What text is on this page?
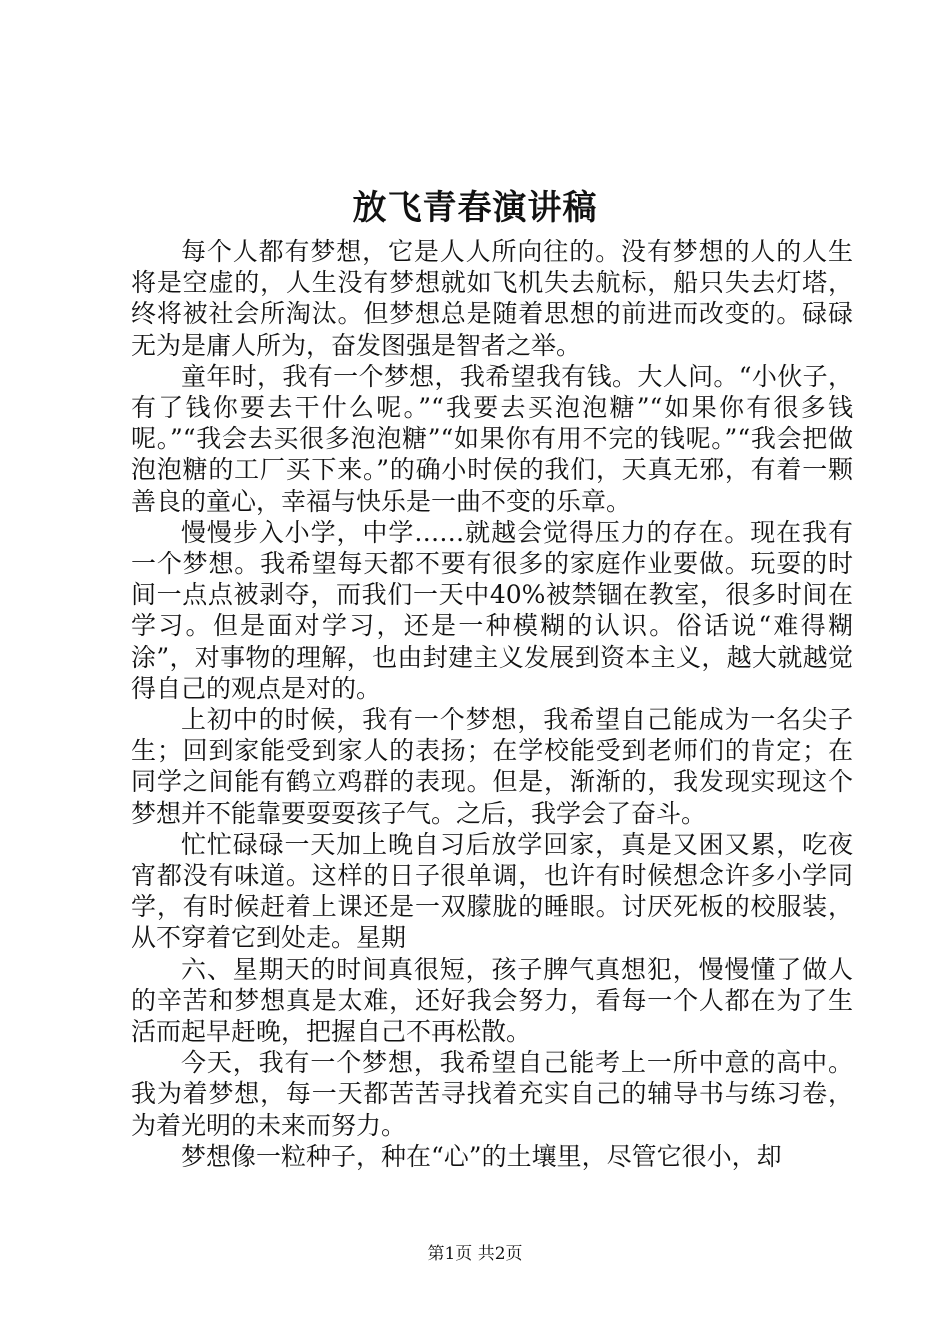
放飞青春演讲稿

每个人都有梦想，它是人人所向往的。没有梦想的人的人生将是空虚的，人生没有梦想就如飞机失去航标，船只失去灯塔，终将被社会所淘汰。但梦想总是随着思想的前进而改变的。碌碌无为是庸人所为，奋发图强是智者之举。

童年时，我有一个梦想，我希望我有钱。大人问。“小伙子，有了钱你要去干什么呢。”“我要去买泡泡糖”“如果你有很多钱呢。”“我会去买很多泡泡糖”“如果你有用不完的钱呢。”“我会把做泡泡糖的工厂买下来。”的确小时侯的我们，天真无邪，有着一颗善良的童心，幸福与快乐是一曲不变的乐章。

慢慢步入小学，中学……就越会觉得压力的存在。现在我有一个梦想。我希望每天都不要有很多的家庭作业要做。玩耍的时间一点点被剥夺，而我们一天中40%被禁锢在教室，很多时间在学习。但是面对学习，还是一种模糊的认识。俗话说“难得糊涂”，对事物的理解，也由封建主义发展到资本主义，越大就越觉得自己的观点是对的。

上初中的时候，我有一个梦想，我希望自己能成为一名尖子生；回到家能受到家人的表扬；在学校能受到老师们的肯定；在同学之间能有鹤立鸡群的表现。但是，渐渐的，我发现实现这个梦想并不能靠要耍耍孩子气。之后，我学会了奋斗。

忙忙碌碌一天加上晚自习后放学回家，真是又困又累，吃夜宵都没有味道。这样的日子很单调，也许有时候想念许多小学同学，有时候赶着上课还是一双朦胧的睡眼。讨厌死板的校服装，从不穿着它到处走。星期

六、星期天的时间真很短，孩子脾气真想犯，慢慢懂了做人的辛苦和梦想真是太难，还好我会努力，看每一个人都在为了生活而起早赶晚，把握自己不再松散。

今天，我有一个梦想，我希望自己能考上一所中意的高中。我为着梦想，每一天都苦苦寻找着充实自己的辅导书与练习卷，为着光明的未来而努力。

梦想像一粒种子，种在“心”的土壤里，尽管它很小，却

第1页 共2页
